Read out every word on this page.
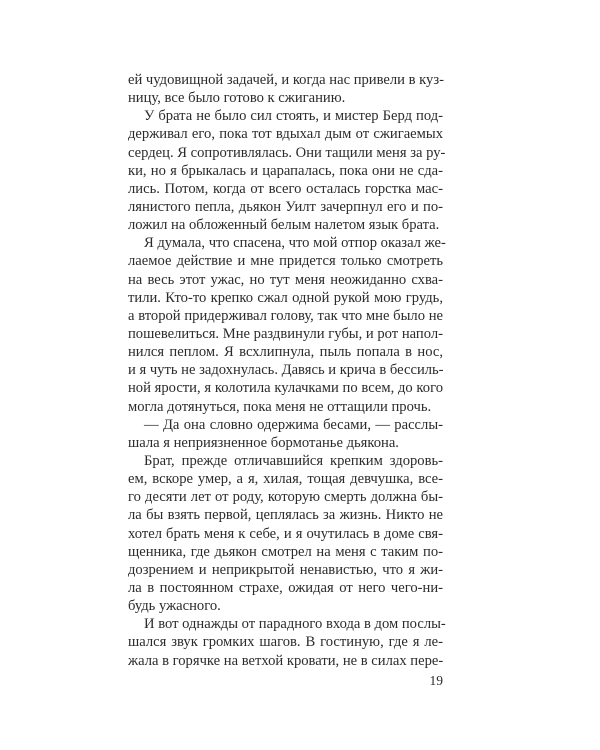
ей чудовищной задачей, и когда нас привели в куз-
ницу, все было готово к сжиганию.
У брата не было сил стоять, и мистер Берд под-
держивал его, пока тот вдыхал дым от сжигаемых
сердец. Я сопротивлялась. Они тащили меня за ру-
ки, но я брыкалась и царапалась, пока они не сда-
лись. Потом, когда от всего осталась горстка мас-
лянистого пепла, дьякон Уилт зачерпнул его и по-
ложил на обложенный белым налетом язык брата.
Я думала, что спасена, что мой отпор оказал же-
лаемое действие и мне придется только смотреть
на весь этот ужас, но тут меня неожиданно схва-
тили. Кто-то крепко сжал одной рукой мою грудь,
а второй придерживал голову, так что мне было не
пошевелиться. Мне раздвинули губы, и рот напол-
нился пеплом. Я всхлипнула, пыль попала в нос,
и я чуть не задохнулась. Давясь и крича в бессиль-
ной ярости, я колотила кулачками по всем, до кого
могла дотянуться, пока меня не оттащили прочь.
— Да она словно одержима бесами, — расслы-
шала я неприязненное бормотанье дьякона.
Брат, прежде отличавшийся крепким здоровь-
ем, вскоре умер, а я, хилая, тощая девчушка, все-
го десяти лет от роду, которую смерть должна бы-
ла бы взять первой, цеплялась за жизнь. Никто не
хотел брать меня к себе, и я очутилась в доме свя-
щенника, где дьякон смотрел на меня с таким по-
дозрением и неприкрытой ненавистью, что я жи-
ла в постоянном страхе, ожидая от него чего-ни-
будь ужасного.
И вот однажды от парадного входа в дом послы-
шался звук громких шагов. В гостиную, где я ле-
жала в горячке на ветхой кровати, не в силах пере-
19
